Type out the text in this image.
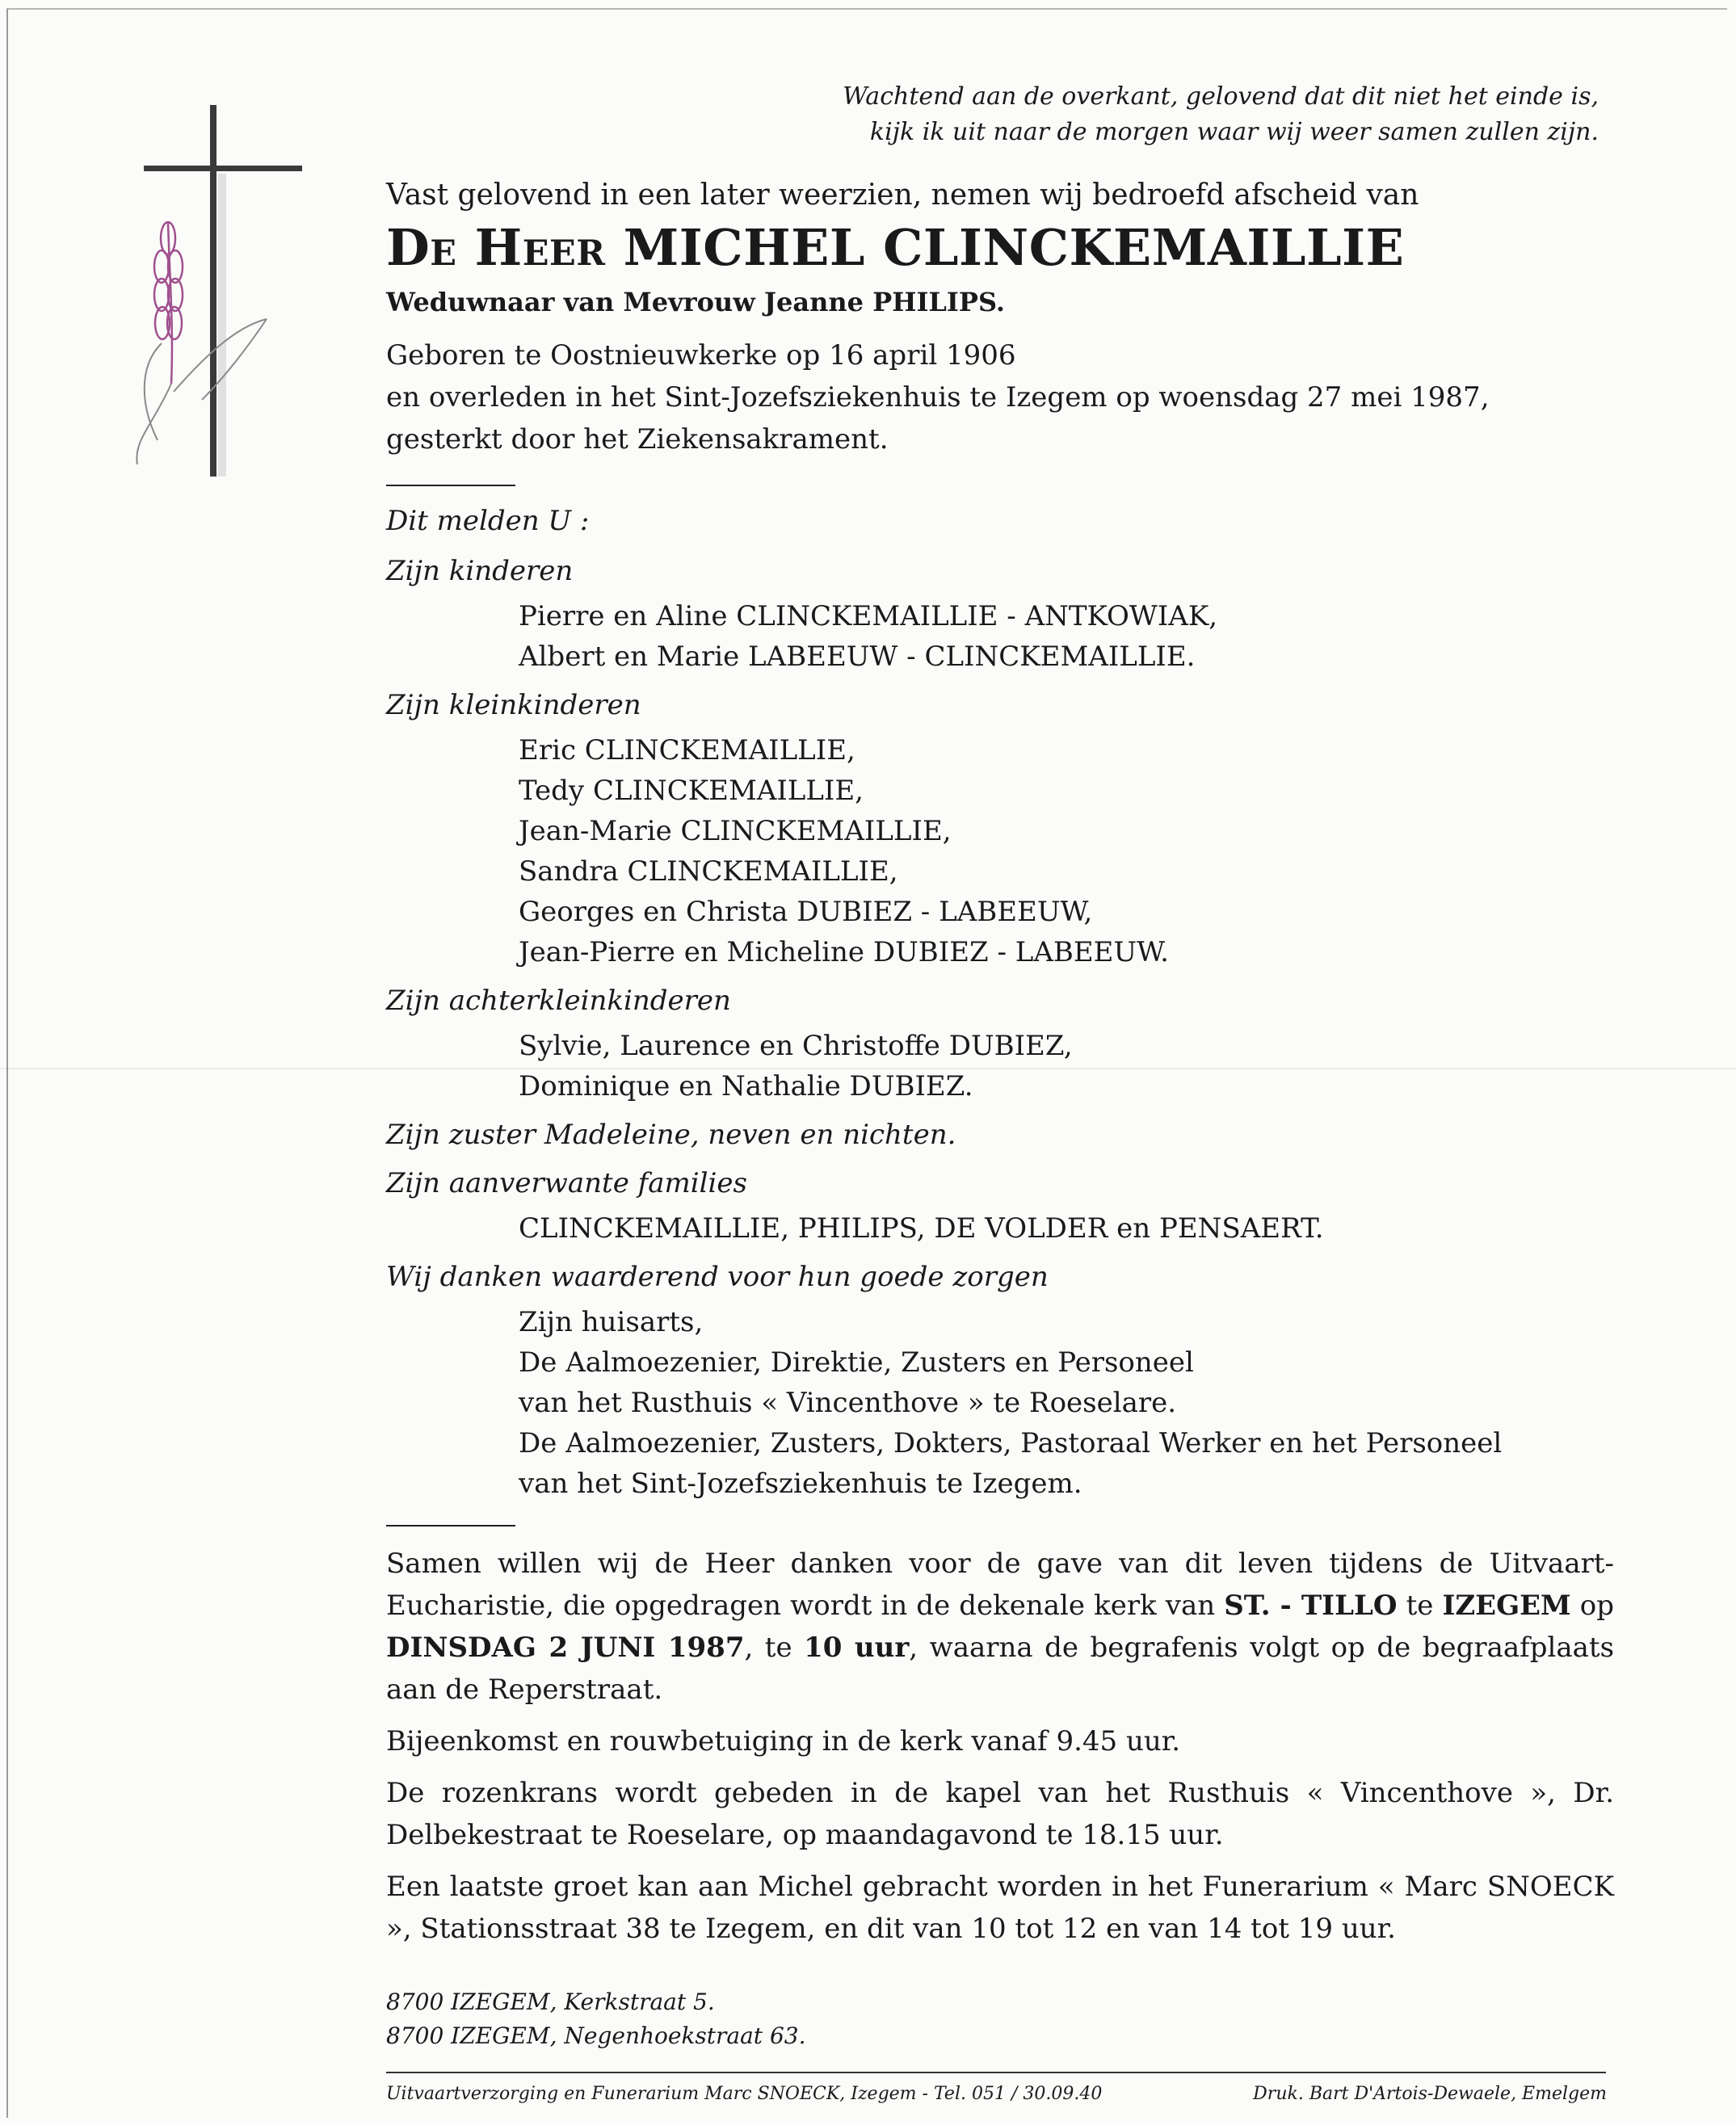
Wachtend aan de overkant, gelovend dat dit niet het einde is,
kijk ik uit naar de morgen waar wij weer samen zullen zijn.

Vast gelovend in een later weerzien, nemen wij bedroefd afscheid van

De Heer MICHEL CLINCKEMAILLIE

Weduwnaar van Mevrouw Jeanne PHILIPS.

Geboren te Oostnieuwkerke op 16 april 1906
en overleden in het Sint-Jozefsziekenhuis te Izegem op woensdag 27 mei 1987,
gesterkt door het Ziekensakrament.
Dit melden U :
Zijn kinderen
Pierre en Aline CLINCKEMAILLIE - ANTKOWIAK,
Albert en Marie LABEEUW - CLINCKEMAILLIE.
Zijn kleinkinderen
Eric CLINCKEMAILLIE,
Tedy CLINCKEMAILLIE,
Jean-Marie CLINCKEMAILLIE,
Sandra CLINCKEMAILLIE,
Georges en Christa DUBIEZ - LABEEUW,
Jean-Pierre en Micheline DUBIEZ - LABEEUW.
Zijn achterkleinkinderen
Sylvie, Laurence en Christoffe DUBIEZ,
Dominique en Nathalie DUBIEZ.
Zijn zuster Madeleine, neven en nichten.
Zijn aanverwante families
CLINCKEMAILLIE, PHILIPS, DE VOLDER en PENSAERT.
Wij danken waarderend voor hun goede zorgen
Zijn huisarts,
De Aalmoezenier, Direktie, Zusters en Personeel
van het Rusthuis « Vincenthove » te Roeselare.
De Aalmoezenier, Zusters, Dokters, Pastoraal Werker en het Personeel
van het Sint-Jozefsziekenhuis te Izegem.
Samen willen wij de Heer danken voor de gave van dit leven tijdens de Uitvaart-Eucharistie, die opgedragen wordt in de dekenale kerk van ST. - TILLO te IZEGEM op DINSDAG 2 JUNI 1987, te 10 uur, waarna de begrafenis volgt op de begraafplaats aan de Reperstraat.
Bijeenkomst en rouwbetuiging in de kerk vanaf 9.45 uur.
De rozenkrans wordt gebeden in de kapel van het Rusthuis « Vincenthove », Dr. Delbekestraat te Roeselare, op maandagavond te 18.15 uur.
Een laatste groet kan aan Michel gebracht worden in het Funerarium « Marc SNOECK », Stationsstraat 38 te Izegem, en dit van 10 tot 12 en van 14 tot 19 uur.
8700 IZEGEM, Kerkstraat 5.
8700 IZEGEM, Negenhoekstraat 63.
Uitvaartverzorging en Funerarium Marc SNOECK, Izegem - Tel. 051 / 30.09.40	Druk. Bart D'Artois-Dewaele, Emelgem
